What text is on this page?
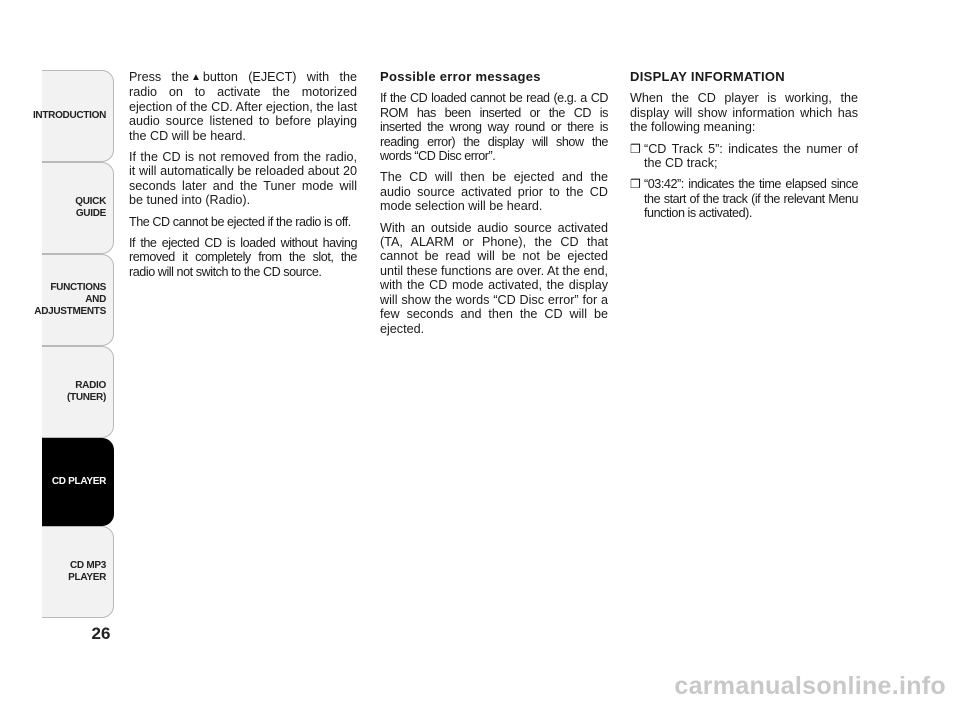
INTRODUCTION
QUICK
GUIDE
FUNCTIONS
AND
ADJUSTMENTS
RADIO
(TUNER)
CD PLAYER
CD MP3
PLAYER
26

Press the ▲ button (EJECT) with the radio on to activate the motorized ejection of the CD. After ejection, the last audio source listened to before playing the CD will be heard.

If the CD is not removed from the radio, it will automatically be reloaded about 20 seconds later and the Tuner mode will be tuned into (Radio).

The CD cannot be ejected if the radio is off.

If the ejected CD is loaded without having removed it completely from the slot, the radio will not switch to the CD source.

Possible error messages

If the CD loaded cannot be read (e.g. a CD ROM has been inserted or the CD is inserted the wrong way round or there is reading error) the display will show the words “CD Disc error”.

The CD will then be ejected and the audio source activated prior to the CD mode selection will be heard.

With an outside audio source activated (TA, ALARM or Phone), the CD that cannot be read will be not be ejected until these functions are over. At the end, with the CD mode activated, the display will show the words “CD Disc error” for a few seconds and then the CD will be ejected.

DISPLAY INFORMATION

When the CD player is working, the display will show information which has the following meaning:

❒ “CD Track 5”: indicates the numer of the CD track;
❒ “03:42”: indicates the time elapsed since the start of the track (if the relevant Menu function is activated).
carmanualsonline.info
